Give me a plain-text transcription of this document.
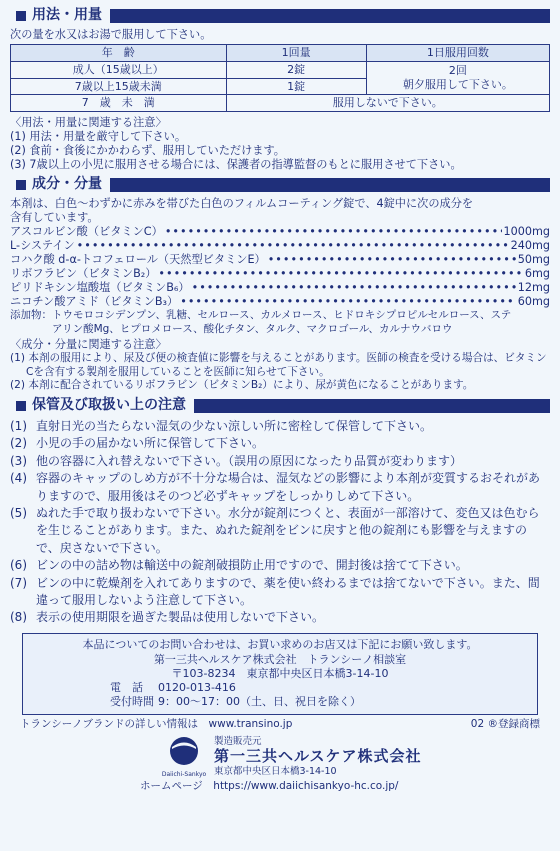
用法・用量

次の量を水又はお湯で服用して下さい。

年　齢	1回量	1日服用回数
成人（15歳以上）	2錠	2回
朝夕服用して下さい。

7歳以上15歳未満	1錠	
7　歳　未　満	服用しないで下さい。	

〈用法・用量に関連する注意〉

(1) 用法・用量を厳守して下さい。

(2) 食前・食後にかかわらず、服用していただけます。

(3) 7歳以上の小児に服用させる場合には、保護者の指導監督のもとに服用させて下さい。

成分・分量

本剤は、白色～わずかに赤みを帯びた白色のフィルムコーティング錠で、4錠中に次の成分を

含有しています。

アスコルビン酸（ビタミンC） •••••	1000mg
L-システイン •••••	240mg
コハク酸 d-α-トコフェロール（天然型ビタミンE） •••••	50mg
リボフラビン（ビタミンB₂） •••••	6mg
ピリドキシン塩酸塩（ビタミンB₆） •••••	12mg
ニコチン酸アミド（ビタミンB₃） •••••	60mg
添加物： トウモロコシデンプン、乳糖、セルロース、カルメロース、ヒドロキシプロピルセルロース、ステ
アリン酸Mg、ヒプロメロース、酸化チタン、タルク、マクロゴール、カルナウバロウ

〈成分・分量に関連する注意〉

(1) 本剤の服用により、尿及び便の検査値に影響を与えることがあります。医師の検査を受ける場合は、ビタミンCを含有する製剤を服用していることを医師に知らせて下さい。

(2) 本剤に配合されているリボフラビン（ビタミンB₂）により、尿が黄色になることがあります。

保管及び取扱い上の注意
(1) 直射日光の当たらない湿気の少ない涼しい所に密栓して保管して下さい。
(2) 小児の手の届かない所に保管して下さい。
(3) 他の容器に入れ替えないで下さい。（誤用の原因になったり品質が変わります）
(4) 容器のキャップのしめ方が不十分な場合は、湿気などの影響により本剤が変質するおそれがありますので、服用後はそのつど必ずキャップをしっかりしめて下さい。
(5) ぬれた手で取り扱わないで下さい。水分が錠剤につくと、表面が一部溶けて、変色又は色むらを生じることがあります。また、ぬれた錠剤をビンに戻すと他の錠剤にも影響を与えますので、戻さないで下さい。
(6) ビンの中の詰め物は輸送中の錠剤破損防止用ですので、開封後は捨てて下さい。
(7) ビンの中に乾燥剤を入れてありますので、薬を使い終わるまでは捨てないで下さい。また、間違って服用しないよう注意して下さい。
(8) 表示の使用期限を過ぎた製品は使用しないで下さい。
本品についてのお問い合わせは、お買い求めのお店又は下記にお願い致します。
第一三共ヘルスケア株式会社　トランシーノ相談室
〒103-8234　東京都中央区日本橋3-14-10
電　話 0120-013-416
受付時間 9：00～17：00（土、日、祝日を除く）
トランシーノブランドの詳しい情報は　www.transino.jp	02 ®登録商標
Daiichi-Sankyo
製造販売元
第一三共ヘルスケア株式会社
東京都中央区日本橋3-14-10
ホームページ　https://www.daiichisankyo-hc.co.jp/
